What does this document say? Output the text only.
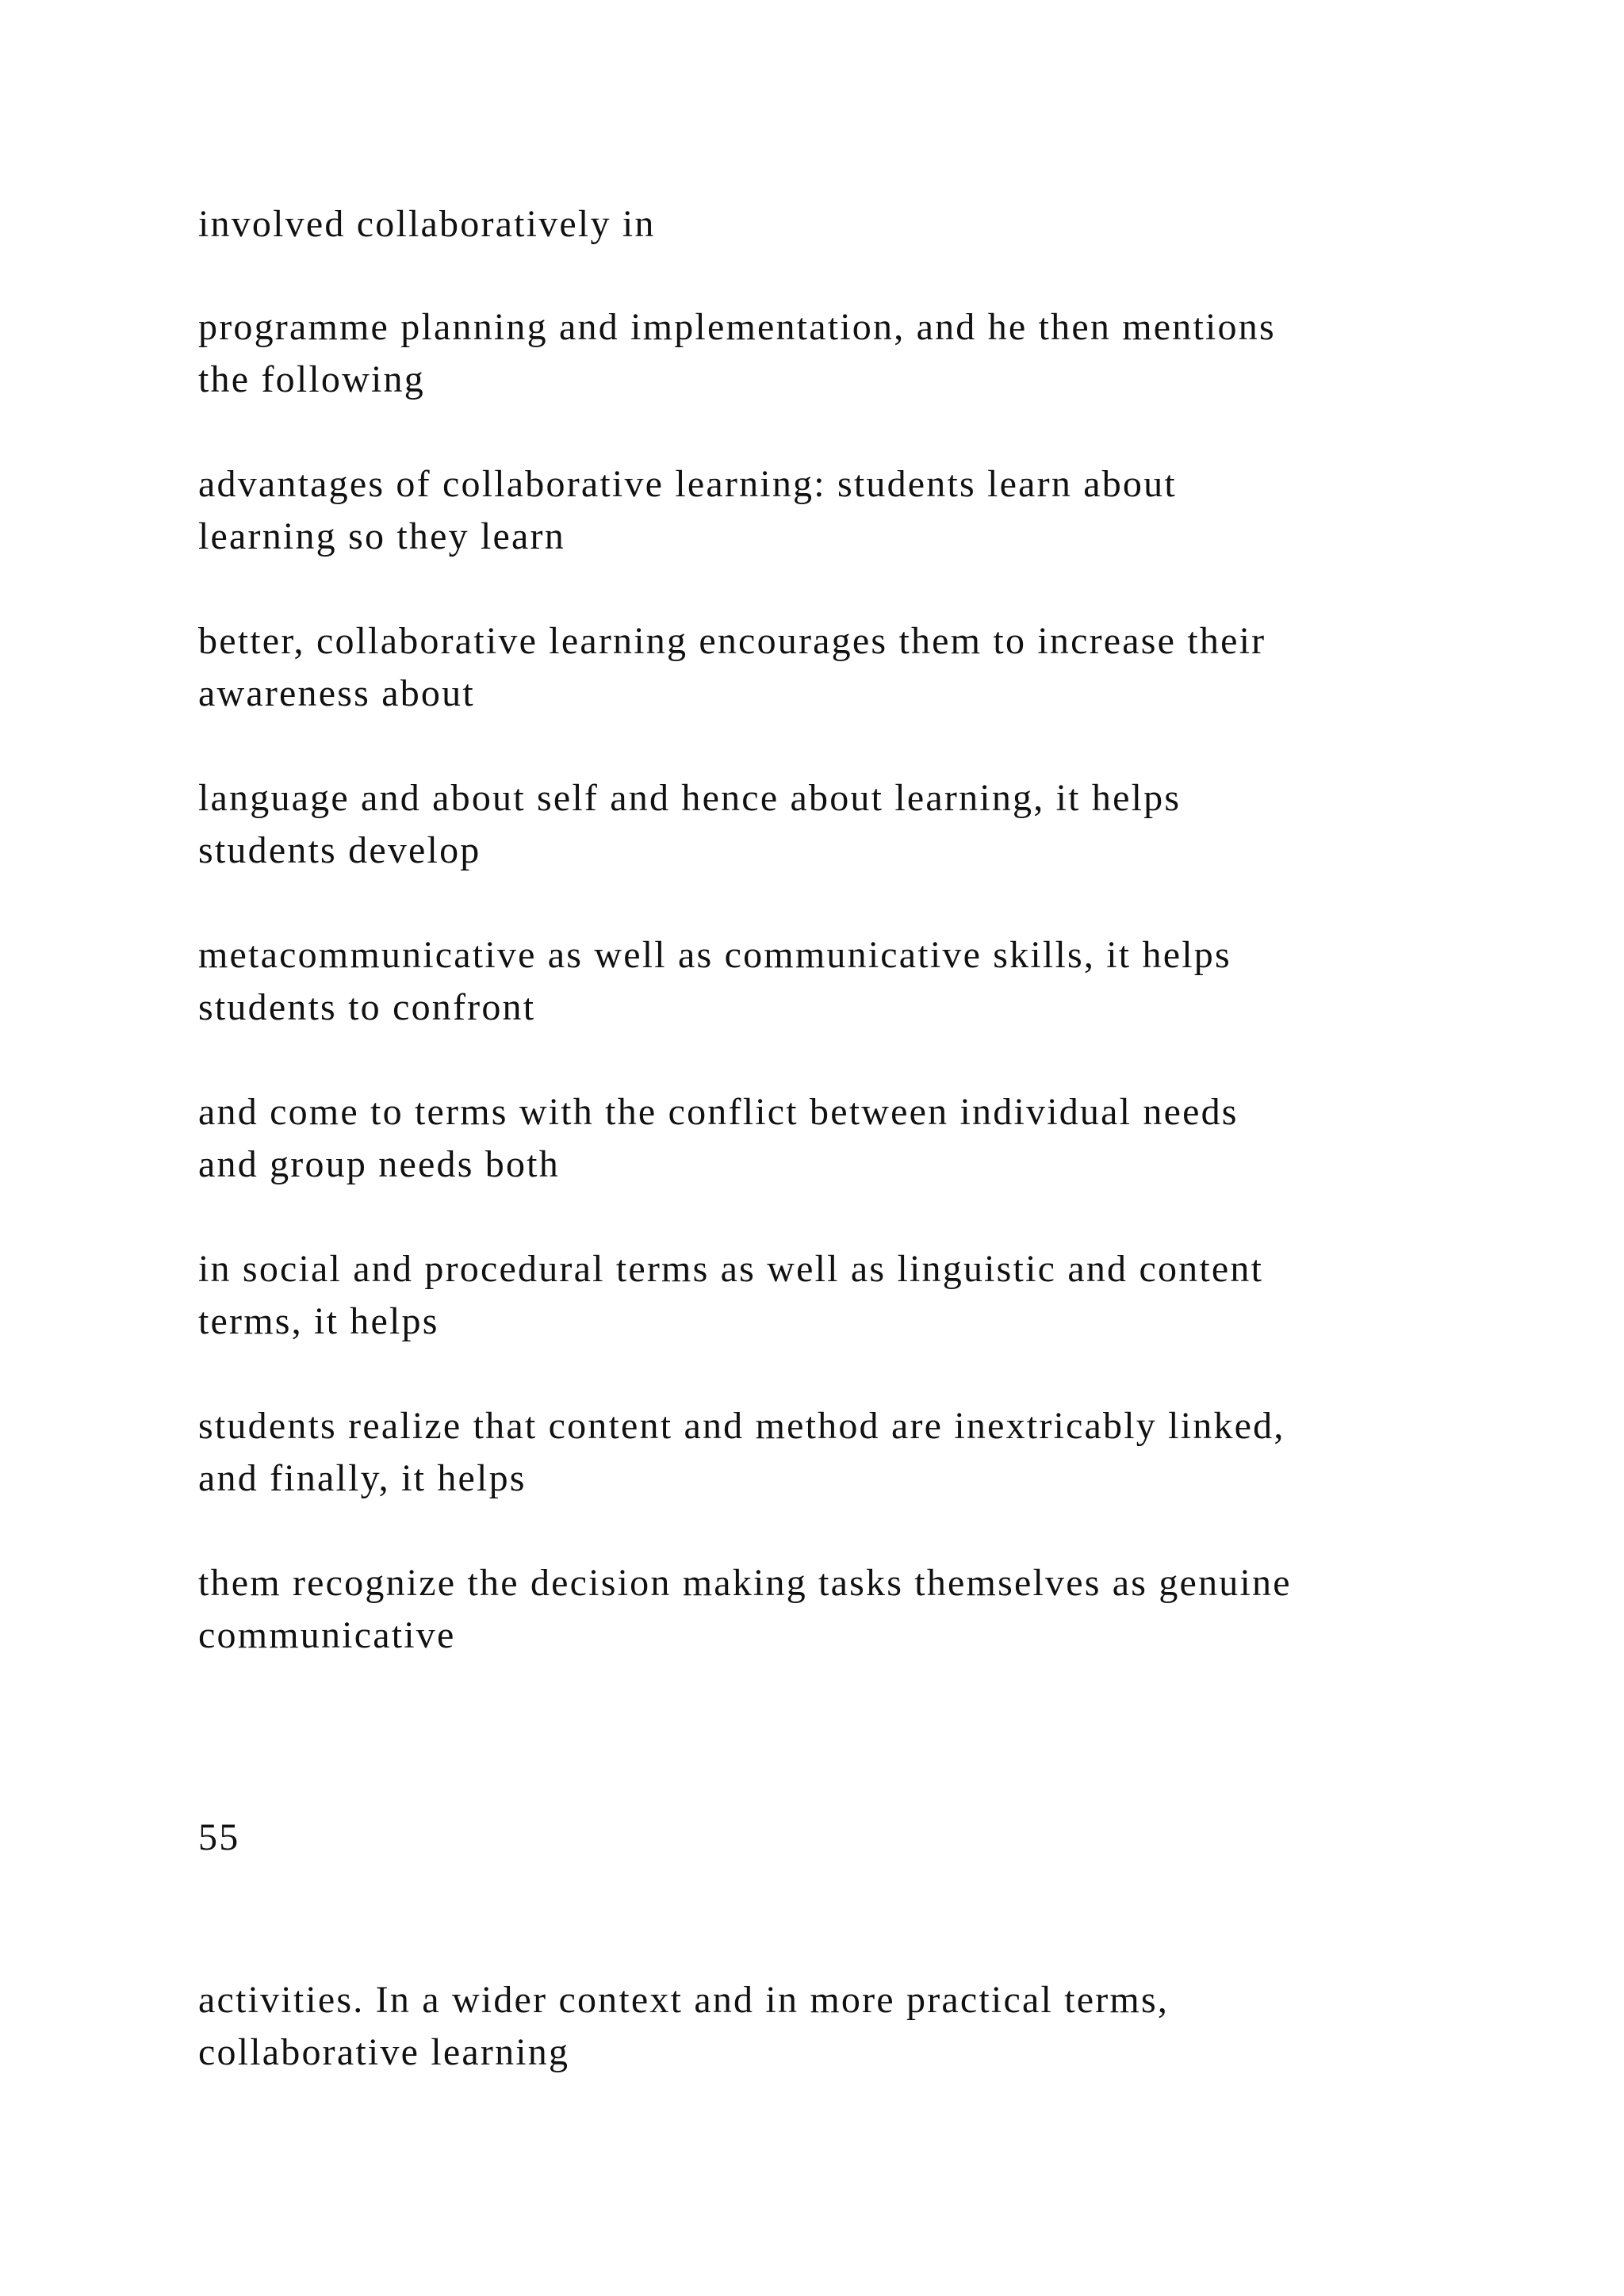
involved collaboratively in

programme planning and implementation, and he then mentions
the following

advantages of collaborative learning: students learn about
learning so they learn

better, collaborative learning encourages them to increase their
awareness about

language and about self and hence about learning, it helps
students develop

metacommunicative as well as communicative skills, it helps
students to confront

and come to terms with the conflict between individual needs
and group needs both

in social and procedural terms as well as linguistic and content
terms, it helps

students realize that content and method are inextricably linked,
and finally, it helps

them recognize the decision making tasks themselves as genuine
communicative

55

activities. In a wider context and in more practical terms,
collaborative learning
